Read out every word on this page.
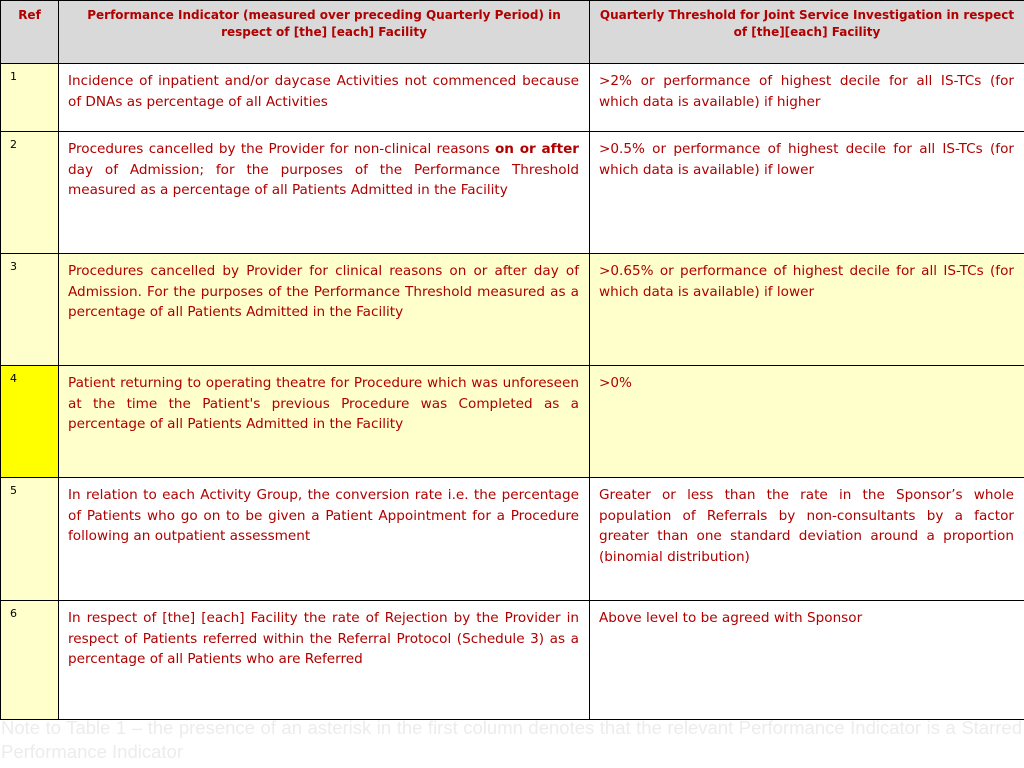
Ref	Performance Indicator (measured over preceding Quarterly Period) in respect of [the] [each] Facility	Quarterly Threshold for Joint Service Investigation in respect of [the][each] Facility
1	Incidence of inpatient and/or daycase Activities not commenced because of DNAs as percentage of all Activities	>2% or performance of highest decile for all IS-TCs (for which data is available) if higher
2	Procedures cancelled by the Provider for non-clinical reasons on or after day of Admission; for the purposes of the Performance Threshold measured as a percentage of all Patients Admitted in the Facility	>0.5% or performance of highest decile for all IS-TCs (for which data is available) if lower
3	Procedures cancelled by Provider for clinical reasons on or after day of Admission. For the purposes of the Performance Threshold measured as a percentage of all Patients Admitted in the Facility	>0.65% or performance of highest decile for all IS-TCs (for which data is available) if lower
4	Patient returning to operating theatre for Procedure which was unforeseen at the time the Patient's previous Procedure was Completed as a percentage of all Patients Admitted in the Facility	>0%
5	In relation to each Activity Group, the conversion rate i.e. the percentage of Patients who go on to be given a Patient Appointment for a Procedure following an outpatient assessment	Greater or less than the rate in the Sponsor’s whole population of Referrals by non-consultants by a factor greater than one standard deviation around a proportion (binomial distribution)
6	In respect of [the] [each] Facility the rate of Rejection by the Provider in respect of Patients referred within the Referral Protocol (Schedule 3) as a percentage of all Patients who are Referred	Above level to be agreed with Sponsor
Note to Table 1 – the presence of an asterisk in the first column denotes that the relevant Performance Indicator is a Starred Performance Indicator
